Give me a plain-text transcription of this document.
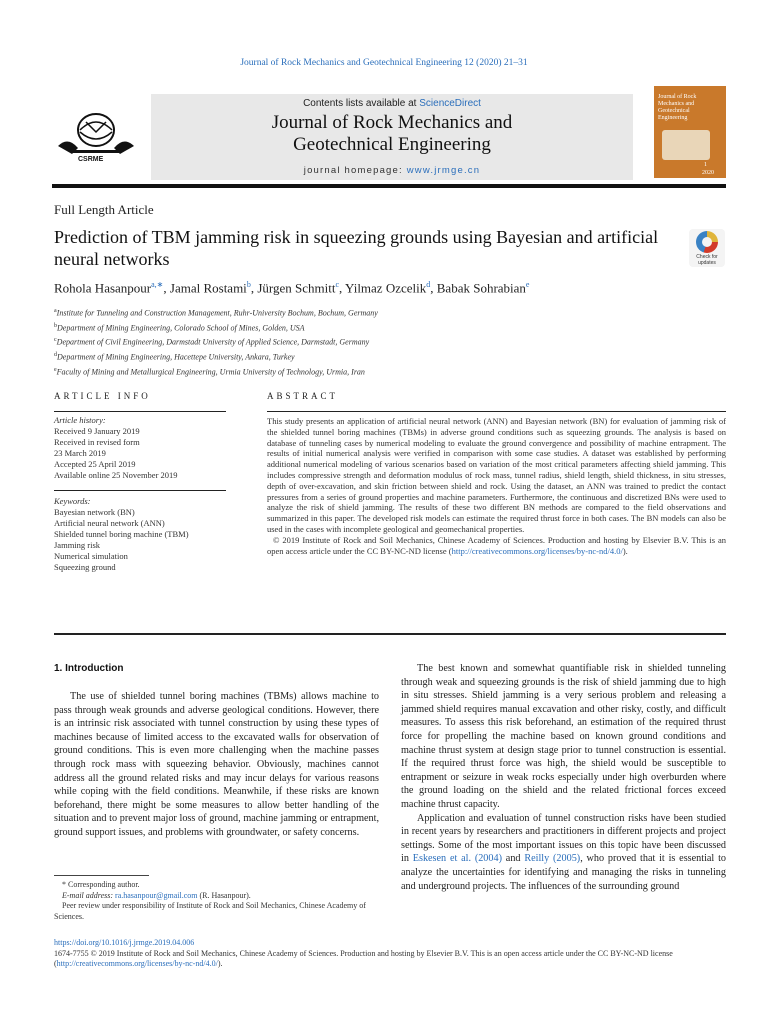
Journal of Rock Mechanics and Geotechnical Engineering 12 (2020) 21–31
CSRME
Contents lists available at ScienceDirect
Journal of Rock Mechanics and
Geotechnical Engineering
journal homepage: www.jrmge.cn
Journal of Rock Mechanics and Geotechnical Engineering
1
2020
Full Length Article
Prediction of TBM jamming risk in squeezing grounds using Bayesian and artificial neural networks	Check for updates
Rohola Hasanpour$^{a,∗}$, Jamal Rostami$^b$, Jürgen Schmitt$^c$, Yilmaz Ozcelik$^d$, Babak Sohrabian$^e$
$^a$Institute for Tunneling and Construction Management, Ruhr-University Bochum, Bochum, Germany
$^b$Department of Mining Engineering, Colorado School of Mines, Golden, USA
$^c$Department of Civil Engineering, Darmstadt University of Applied Science, Darmstadt, Germany
$^d$Department of Mining Engineering, Hacettepe University, Ankara, Turkey
$^e$Faculty of Mining and Metallurgical Engineering, Urmia University of Technology, Urmia, Iran
ARTICLE INFO
Article history:
Received 9 January 2019
Received in revised form
23 March 2019
Accepted 25 April 2019
Available online 25 November 2019
Keywords:
Bayesian network (BN)
Artificial neural network (ANN)
Shielded tunnel boring machine (TBM)
Jamming risk
Numerical simulation
Squeezing ground
ABSTRACT

This study presents an application of artificial neural network (ANN) and Bayesian network (BN) for evaluation of jamming risk of the shielded tunnel boring machines (TBMs) in adverse ground conditions such as squeezing grounds. The analysis is based on database of tunneling cases by numerical modeling to evaluate the ground convergence and possibility of machine entrapment. The results of initial numerical analysis were verified in comparison with some case studies. A dataset was established by performing additional numerical modeling of various scenarios based on variation of the most critical parameters affecting shield jamming. This includes compressive strength and deformation modulus of rock mass, tunnel radius, shield length, shield thickness, in situ stresses, depth of over-excavation, and skin friction between shield and rock. Using the dataset, an ANN was trained to predict the contact pressures from a series of ground properties and machine parameters. Furthermore, the continuous and discretized BNs were used to analyze the risk of shield jamming. The results of these two different BN methods are compared to the field observations and summarized in this paper. The developed risk models can estimate the required thrust force in both cases. The BN models can also be used in the cases with incomplete geological and geomechanical properties.

© 2019 Institute of Rock and Soil Mechanics, Chinese Academy of Sciences. Production and hosting by Elsevier B.V. This is an open access article under the CC BY-NC-ND license (http://creativecommons.org/licenses/by-nc-nd/4.0/).

1. Introduction

The use of shielded tunnel boring machines (TBMs) allows machine to pass through weak grounds and adverse geological conditions. However, there is an intrinsic risk associated with tunnel construction by using these types of machines because of limited access to the excavated walls for observation of ground conditions. This is even more challenging when the machine passes through rock mass with squeezing behavior. Obviously, machines cannot address all the ground related risks and may incur delays for various reasons while coping with the field conditions. Meanwhile, if these risks are known beforehand, there might be some measures to allow better handling of the situation and to prevent major loss of ground, machine jamming or entrapment, ground support issues, and problems with groundwater, or safety concerns.

The best known and somewhat quantifiable risk in shielded tunneling through weak and squeezing grounds is the risk of shield jamming due to high in situ stresses. Shield jamming is a very serious problem and releasing a jammed shield requires manual excavation and other risky, costly, and difficult measures. To assess this risk beforehand, an estimation of the required thrust force for propelling the machine based on known ground conditions and machine thrust system at design stage prior to tunnel construction is essential. If the required thrust force was high, the shield would be susceptible to entrapment or seizure in weak rocks especially under high overburden where the ground loading on the shield and the related frictional forces exceed machine thrust capacity.

Application and evaluation of tunnel construction risks have been studied in recent years by researchers and practitioners in different projects and project settings. Some of the most important issues on this topic have been discussed in Eskesen et al. (2004) and Reilly (2005), who proved that it is essential to analyze the uncertainties for identifying and managing the risks in tunneling and underground projects. The influences of the surrounding ground

* Corresponding author.
E-mail address: ra.hasanpour@gmail.com (R. Hasanpour).
Peer review under responsibility of Institute of Rock and Soil Mechanics, Chinese Academy of Sciences.
https://doi.org/10.1016/j.jrmge.2019.04.006
1674-7755 © 2019 Institute of Rock and Soil Mechanics, Chinese Academy of Sciences. Production and hosting by Elsevier B.V. This is an open access article under the CC BY-NC-ND license (http://creativecommons.org/licenses/by-nc-nd/4.0/).
